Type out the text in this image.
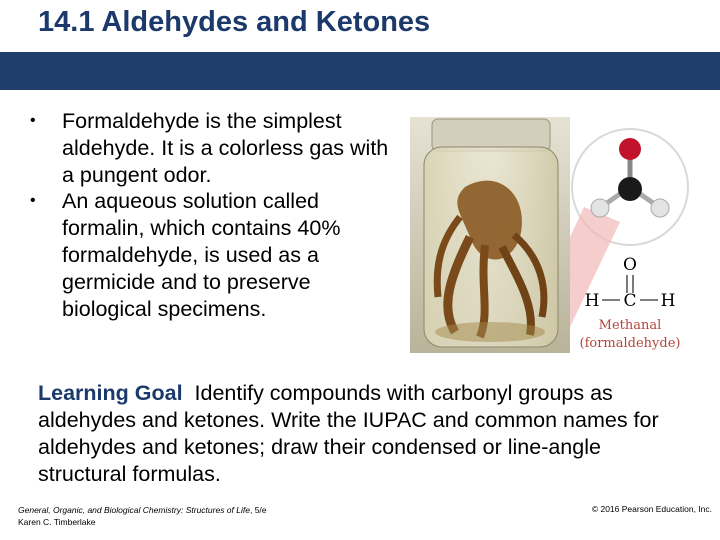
14.1 Aldehydes and Ketones
• Formaldehyde is the simplest aldehyde. It is a colorless gas with a pungent odor.
• An aqueous solution called formalin, which contains 40% formaldehyde, is used as a germicide and to preserve biological specimens.
O
H C H
Methanal
(formaldehyde)
Learning Goal Identify compounds with carbonyl groups as aldehydes and ketones. Write the IUPAC and common names for aldehydes and ketones; draw their condensed or line-angle structural formulas.
General, Organic, and Biological Chemistry: Structures of Life, 5/e
Karen C. Timberlake
© 2016 Pearson Education, Inc.
